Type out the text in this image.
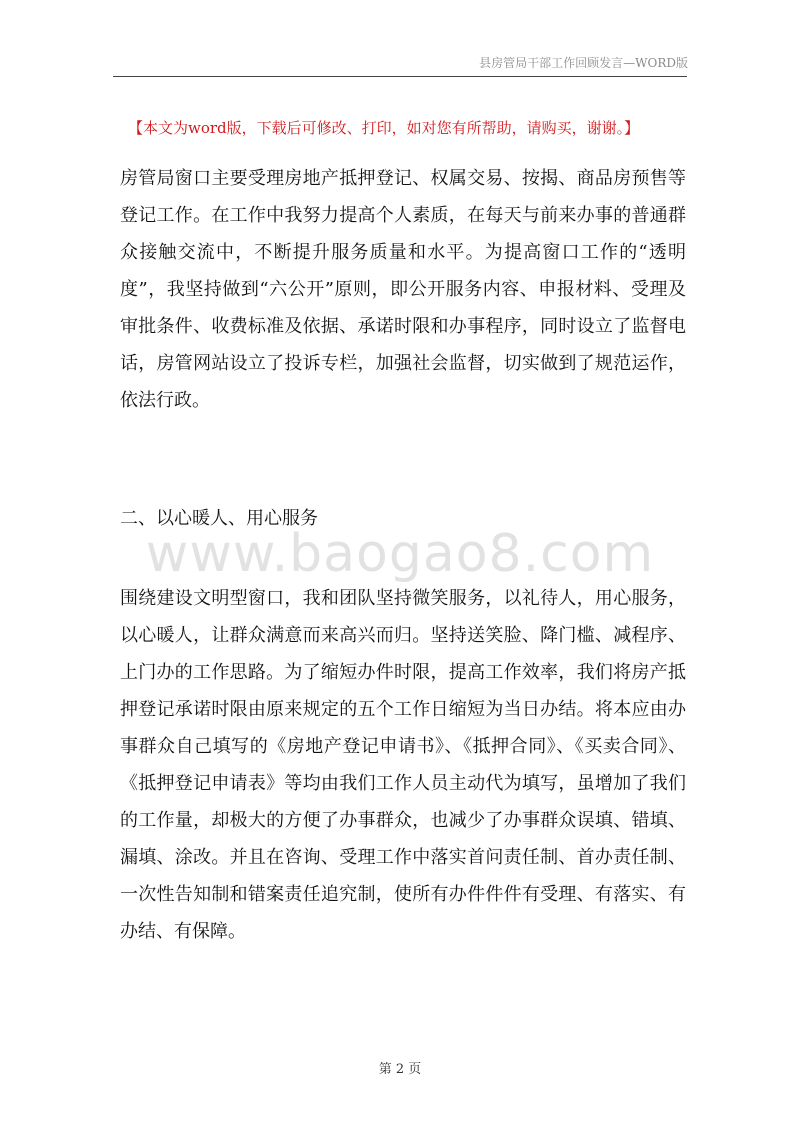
县房管局干部工作回顾发言—WORD版
【本文为word版，下载后可修改、打印，如对您有所帮助，请购买，谢谢。】
房管局窗口主要受理房地产抵押登记、权属交易、按揭、商品房预售等登记工作。在工作中我努力提高个人素质，在每天与前来办事的普通群众接触交流中，不断提升服务质量和水平。为提高窗口工作的“透明度”，我坚持做到“六公开”原则，即公开服务内容、申报材料、受理及审批条件、收费标准及依据、承诺时限和办事程序，同时设立了监督电话，房管网站设立了投诉专栏，加强社会监督，切实做到了规范运作，依法行政。
二、以心暖人、用心服务
www.baogao8.com
围绕建设文明型窗口，我和团队坚持微笑服务，以礼待人，用心服务，以心暖人，让群众满意而来高兴而归。坚持送笑脸、降门槛、减程序、上门办的工作思路。为了缩短办件时限，提高工作效率，我们将房产抵押登记承诺时限由原来规定的五个工作日缩短为当日办结。将本应由办事群众自己填写的《房地产登记申请书》、《抵押合同》、《买卖合同》、《抵押登记申请表》等均由我们工作人员主动代为填写，虽增加了我们的工作量，却极大的方便了办事群众，也减少了办事群众误填、错填、漏填、涂改。并且在咨询、受理工作中落实首问责任制、首办责任制、一次性告知制和错案责任追究制，使所有办件件件有受理、有落实、有办结、有保障。
第 2 页
